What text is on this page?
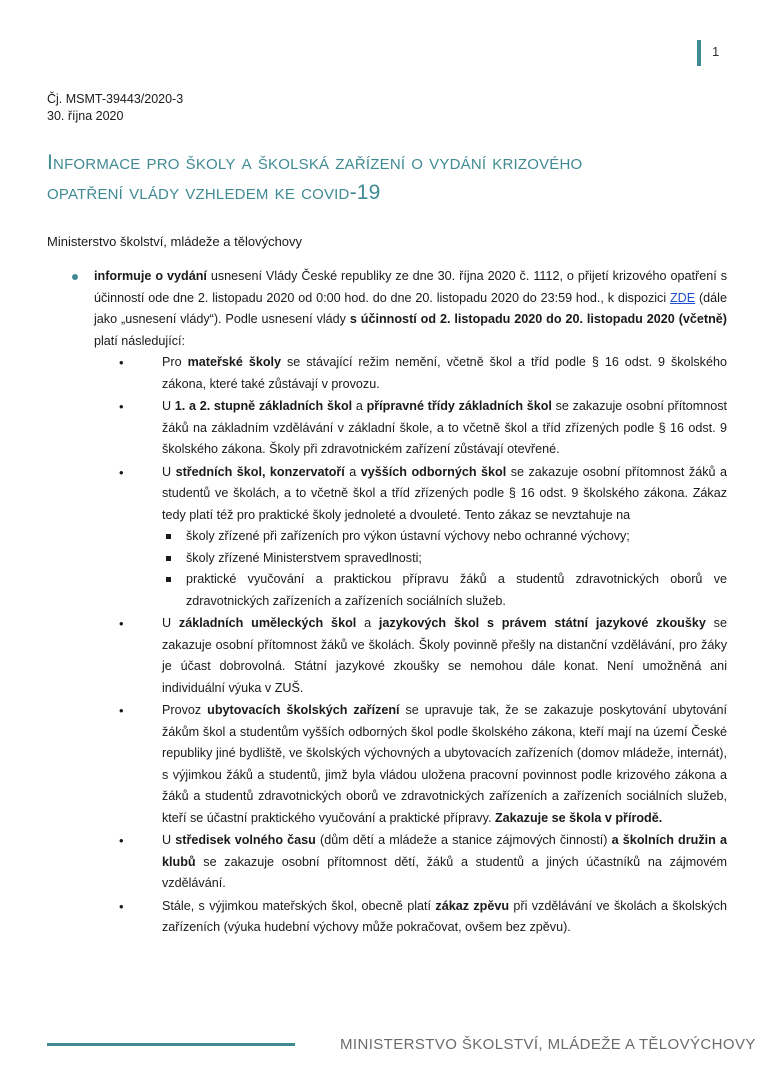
1
Čj. MSMT-39443/2020-3
30. října 2020
Informace pro školy a školská zařízení o vydání krizového
opatření vlády vzhledem ke covid-19
Ministerstvo školství, mládeže a tělovýchovy
informuje o vydání usnesení Vlády České republiky ze dne 30. října 2020 č. 1112, o přijetí krizového opatření s účinností ode dne 2. listopadu 2020 od 0:00 hod. do dne 20. listopadu 2020 do 23:59 hod., k dispozici ZDE (dále jako „usnesení vlády“). Podle usnesení vlády s účinností od 2. listopadu 2020 do 20. listopadu 2020 (včetně) platí následující:
•	Pro mateřské školy se stávající režim nemění, včetně škol a tříd podle § 16 odst. 9 školského zákona, které také zůstávají v provozu.
•	U 1. a 2. stupně základních škol a přípravné třídy základních škol se zakazuje osobní přítomnost žáků na základním vzdělávání v základní škole, a to včetně škol a tříd zřízených podle § 16 odst. 9 školského zákona. Školy při zdravotnickém zařízení zůstávají otevřené.
•	U středních škol, konzervatoří a vyšších odborných škol se zakazuje osobní přítomnost žáků a studentů ve školách, a to včetně škol a tříd zřízených podle § 16 odst. 9 školského zákona. Zákaz tedy platí též pro praktické školy jednoleté a dvouleté. Tento zákaz se nevztahuje na
školy zřízené při zařízeních pro výkon ústavní výchovy nebo ochranné výchovy;
školy zřízené Ministerstvem spravedlnosti;
praktické vyučování a praktickou přípravu žáků a studentů zdravotnických oborů ve zdravotnických zařízeních a zařízeních sociálních služeb.
•	U základních uměleckých škol a jazykových škol s právem státní jazykové zkoušky se zakazuje osobní přítomnost žáků ve školách. Školy povinně přešly na distanční vzdělávání, pro žáky je účast dobrovolná. Státní jazykové zkoušky se nemohou dále konat. Není umožněná ani individuální výuka v ZUŠ.
•	Provoz ubytovacích školských zařízení se upravuje tak, že se zakazuje poskytování ubytování žákům škol a studentům vyšších odborných škol podle školského zákona, kteří mají na území České republiky jiné bydliště, ve školských výchovných a ubytovacích zařízeních (domov mládeže, internát), s výjimkou žáků a studentů, jimž byla vládou uložena pracovní povinnost podle krizového zákona a žáků a studentů zdravotnických oborů ve zdravotnických zařízeních a zařízeních sociálních služeb, kteří se účastní praktického vyučování a praktické přípravy. Zakazuje se škola v přírodě.
•	U středisek volného času (dům dětí a mládeže a stanice zájmových činností) a školních družin a klubů se zakazuje osobní přítomnost dětí, žáků a studentů a jiných účastníků na zájmovém vzdělávání.
•	Stále, s výjimkou mateřských škol, obecně platí zákaz zpěvu při vzdělávání ve školách a školských zařízeních (výuka hudební výchovy může pokračovat, ovšem bez zpěvu).
MINISTERSTVO ŠKOLSTVÍ, MLÁDEŽE A TĚLOVÝCHOVY
